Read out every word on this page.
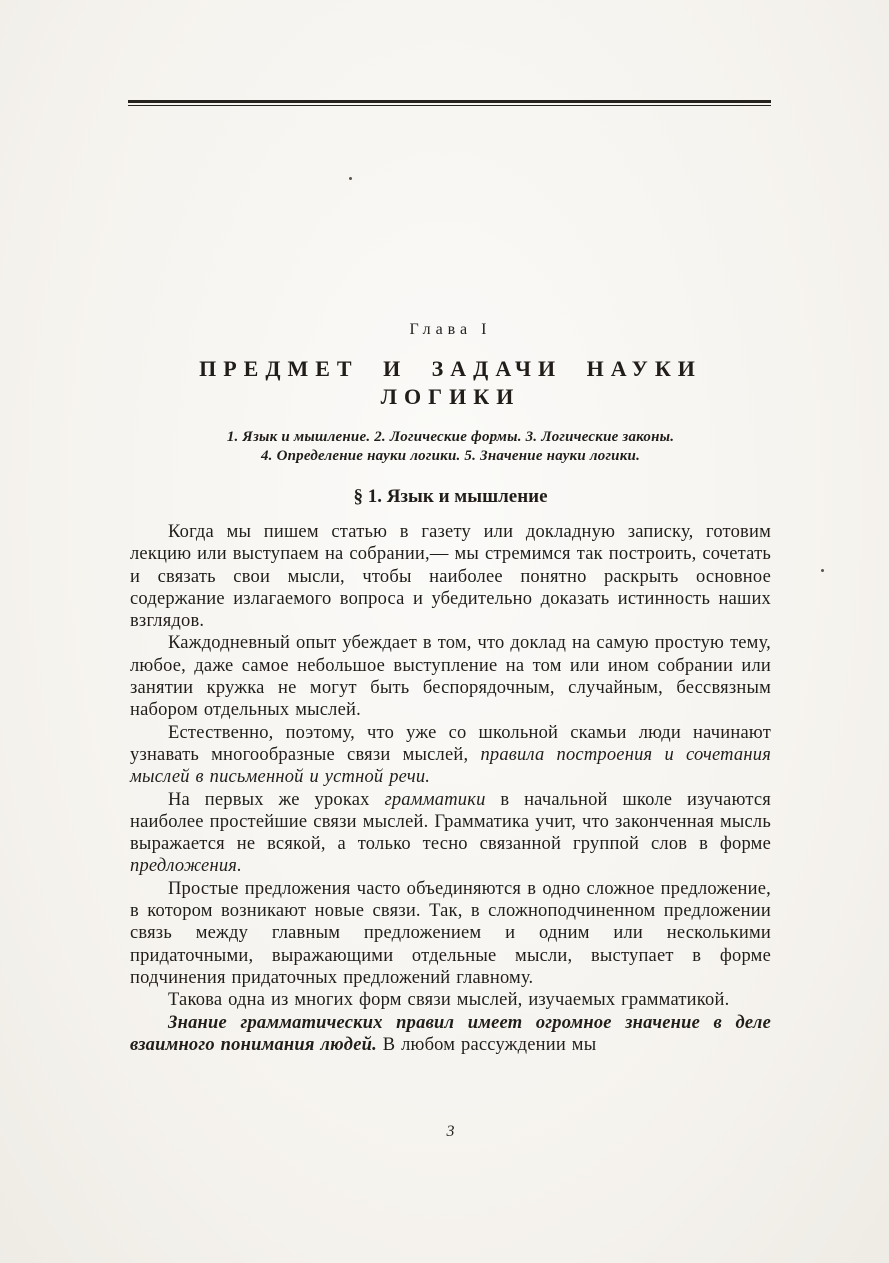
Глава I
ПРЕДМЕТ И ЗАДАЧИ НАУКИ
ЛОГИКИ
1. Язык и мышление. 2. Логические формы. 3. Логические законы.
4. Определение науки логики. 5. Значение науки логики.
§ 1. Язык и мышление

Когда мы пишем статью в газету или докладную записку, готовим лекцию или выступаем на собрании,— мы стремимся так построить, сочетать и связать свои мысли, чтобы наиболее понятно раскрыть основное содержание излагаемого вопроса и убедительно доказать истинность наших взглядов.

Каждодневный опыт убеждает в том, что доклад на самую простую тему, любое, даже самое небольшое выступление на том или ином собрании или занятии кружка не могут быть беспорядочным, случайным, бессвязным набором отдельных мыслей.

Естественно, поэтому, что уже со школьной скамьи люди начинают узнавать многообразные связи мыслей, правила построения и сочетания мыслей в письменной и устной речи.

На первых же уроках грамматики в начальной школе изучаются наиболее простейшие связи мыслей. Грамматика учит, что законченная мысль выражается не всякой, а только тесно связанной группой слов в форме предложения.

Простые предложения часто объединяются в одно сложное предложение, в котором возникают новые связи. Так, в сложноподчиненном предложении связь между главным предложением и одним или несколькими придаточными, выражающими отдельные мысли, выступает в форме подчинения придаточных предложений главному.

Такова одна из многих форм связи мыслей, изучаемых грамматикой.

Знание грамматических правил имеет огромное значение в деле взаимного понимания людей. В любом рассуждении мы

3
